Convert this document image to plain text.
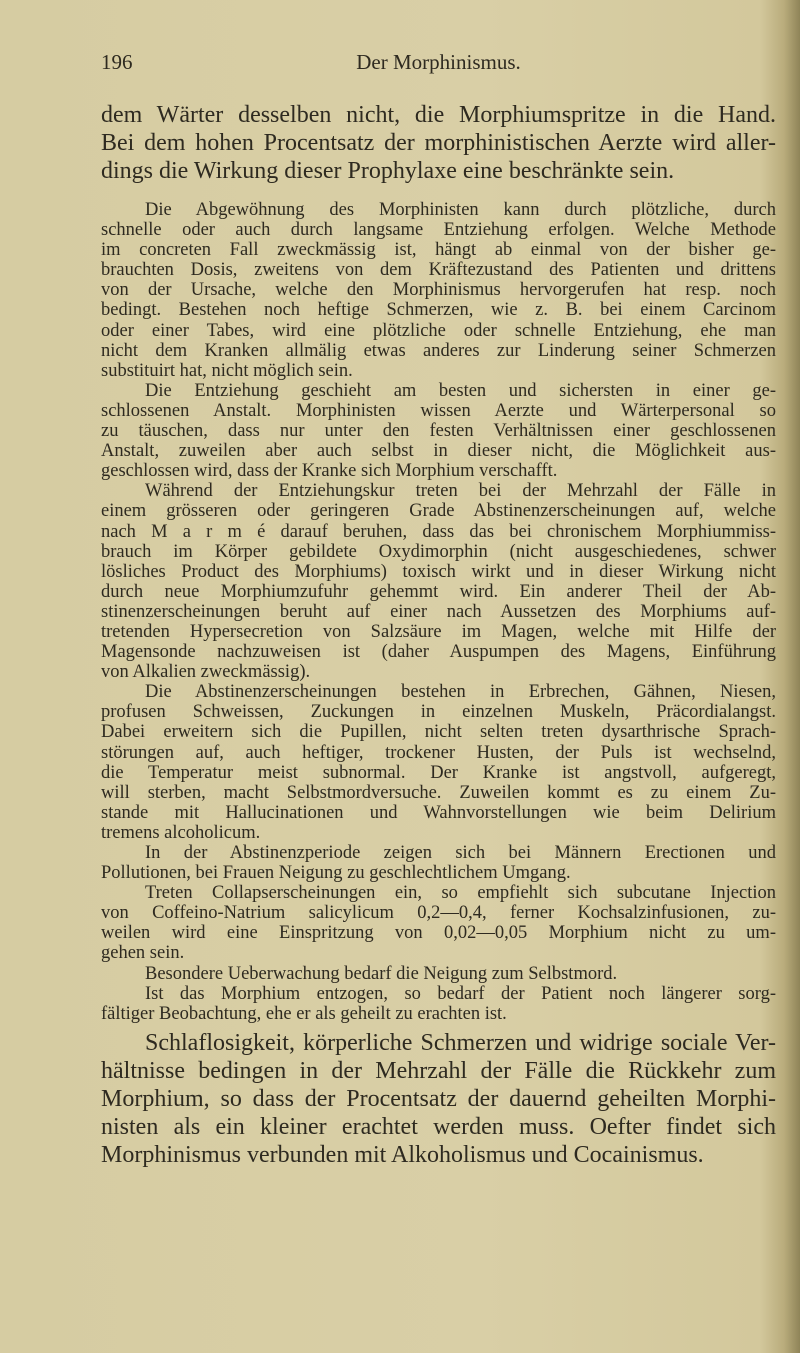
196	Der Morphinismus.
dem Wärter desselben nicht, die Morphiumspritze in die Hand.
Bei dem hohen Procentsatz der morphinistischen Aerzte wird aller-
dings die Wirkung dieser Prophylaxe eine beschränkte sein.
Die Abgewöhnung des Morphinisten kann durch plötzliche, durch
schnelle oder auch durch langsame Entziehung erfolgen. Welche Methode
im concreten Fall zweckmässig ist, hängt ab einmal von der bisher ge-
brauchten Dosis, zweitens von dem Kräftezustand des Patienten und drittens
von der Ursache, welche den Morphinismus hervorgerufen hat resp. noch
bedingt. Bestehen noch heftige Schmerzen, wie z. B. bei einem Carcinom
oder einer Tabes, wird eine plötzliche oder schnelle Entziehung, ehe man
nicht dem Kranken allmälig etwas anderes zur Linderung seiner Schmerzen
substituirt hat, nicht möglich sein.
Die Entziehung geschieht am besten und sichersten in einer ge-
schlossenen Anstalt. Morphinisten wissen Aerzte und Wärterpersonal so
zu täuschen, dass nur unter den festen Verhältnissen einer geschlossenen
Anstalt, zuweilen aber auch selbst in dieser nicht, die Möglichkeit aus-
geschlossen wird, dass der Kranke sich Morphium verschafft.
Während der Entziehungskur treten bei der Mehrzahl der Fälle in
einem grösseren oder geringeren Grade Abstinenzerscheinungen auf, welche
nach M a r m é darauf beruhen, dass das bei chronischem Morphiummiss-
brauch im Körper gebildete Oxydimorphin (nicht ausgeschiedenes, schwer
lösliches Product des Morphiums) toxisch wirkt und in dieser Wirkung nicht
durch neue Morphiumzufuhr gehemmt wird. Ein anderer Theil der Ab-
stinenzerscheinungen beruht auf einer nach Aussetzen des Morphiums auf-
tretenden Hypersecretion von Salzsäure im Magen, welche mit Hilfe der
Magensonde nachzuweisen ist (daher Auspumpen des Magens, Einführung
von Alkalien zweckmässig).
Die Abstinenzerscheinungen bestehen in Erbrechen, Gähnen, Niesen,
profusen Schweissen, Zuckungen in einzelnen Muskeln, Präcordialangst.
Dabei erweitern sich die Pupillen, nicht selten treten dysarthrische Sprach-
störungen auf, auch heftiger, trockener Husten, der Puls ist wechselnd,
die Temperatur meist subnormal. Der Kranke ist angstvoll, aufgeregt,
will sterben, macht Selbstmordversuche. Zuweilen kommt es zu einem Zu-
stande mit Hallucinationen und Wahnvorstellungen wie beim Delirium
tremens alcoholicum.
In der Abstinenzperiode zeigen sich bei Männern Erectionen und
Pollutionen, bei Frauen Neigung zu geschlechtlichem Umgang.
Treten Collapserscheinungen ein, so empfiehlt sich subcutane Injection
von Coffeino-Natrium salicylicum 0,2—0,4, ferner Kochsalzinfusionen, zu-
weilen wird eine Einspritzung von 0,02—0,05 Morphium nicht zu um-
gehen sein.
Besondere Ueberwachung bedarf die Neigung zum Selbstmord.
Ist das Morphium entzogen, so bedarf der Patient noch längerer sorg-
fältiger Beobachtung, ehe er als geheilt zu erachten ist.
Schlaflosigkeit, körperliche Schmerzen und widrige sociale Ver-
hältnisse bedingen in der Mehrzahl der Fälle die Rückkehr zum
Morphium, so dass der Procentsatz der dauernd geheilten Morphi-
nisten als ein kleiner erachtet werden muss. Oefter findet sich
Morphinismus verbunden mit Alkoholismus und Cocainismus.
